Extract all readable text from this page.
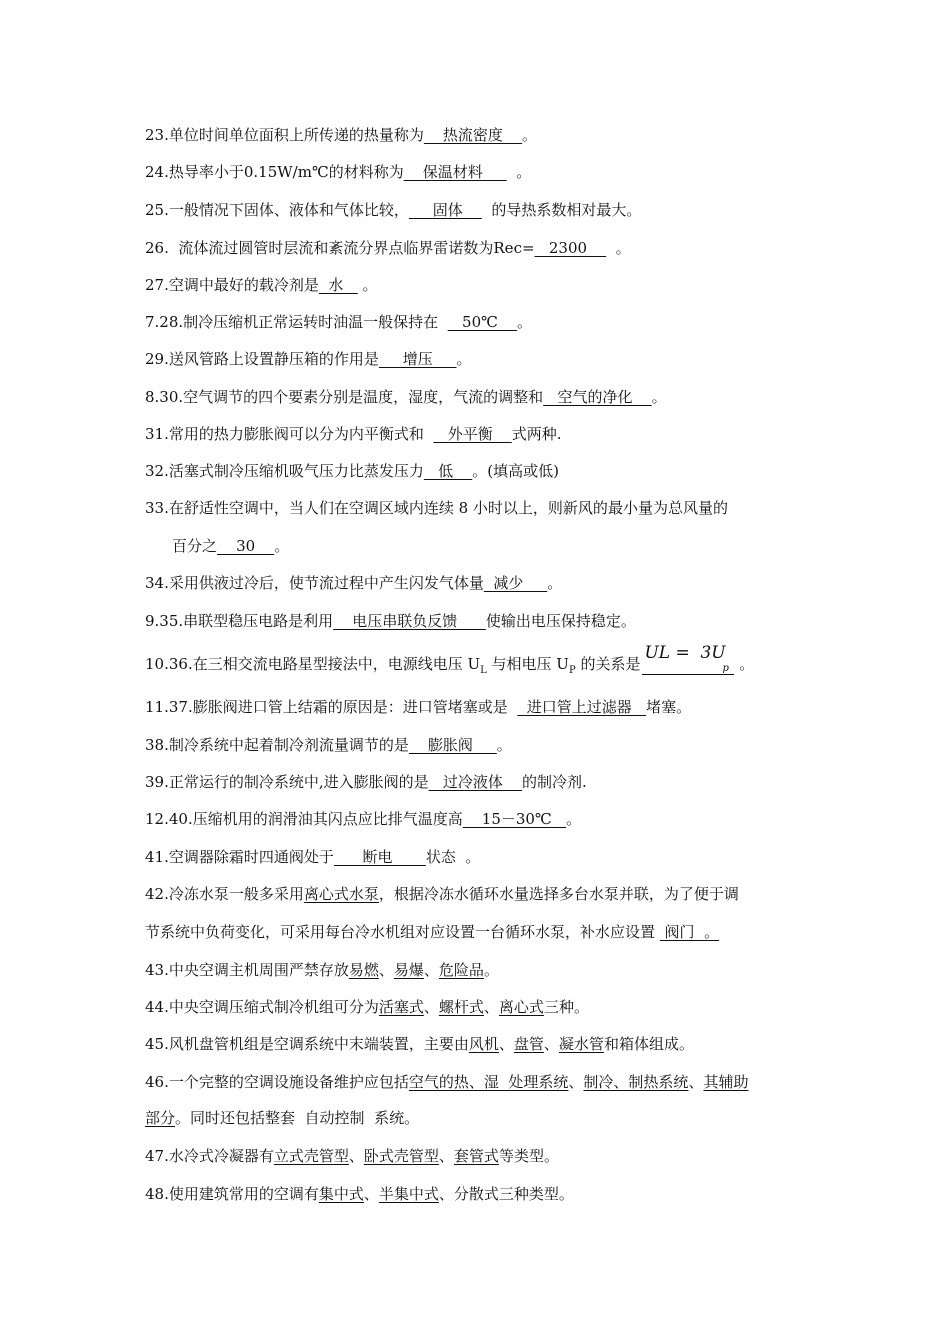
23.单位时间单位面积上所传递的热量称为    热流密度    。
24.热导率小于0.15W/m℃的材料称为    保温材料       。
25.一般情况下固体、液体和气体比较，     固体      的导热系数相对最大。
26.  流体流过圆管时层流和紊流分界点临界雷诺数为Rec=   2300      。
27.空调中最好的载冷剂是  水    。
7.28.制冷压缩机正常运转时油温一般保持在     50℃    。
29.送风管路上设置静压箱的作用是     增压     。
8.30.空气调节的四个要素分别是温度，湿度，气流的调整和   空气的净化    。
31.常用的热力膨胀阀可以分为内平衡式和     外平衡    式两种.
32.活塞式制冷压缩机吸气压力比蒸发压力   低    。(填高或低)
33.在舒适性空调中，当人们在空调区域内连续 8 小时以上，则新风的最小量为总风量的
百分之    30    。
34.采用供液过冷后，使节流过程中产生闪发气体量  减少     。
9.35.串联型稳压电路是利用    电压串联负反馈      使输出电压保持稳定。
10.36.在三相交流电路星型接法中，电源线电压 $U_L$ 与相电压 $U_P$ 的关系是
UL = 3U
p 。
11.37.膨胀阀进口管上结霜的原因是：进口管堵塞或是    进口管上过滤器   堵塞。
38.制冷系统中起着制冷剂流量调节的是    膨胀阀     。
39.正常运行的制冷系统中,进入膨胀阀的是   过冷液体    的制冷剂.
12.40.压缩机用的润滑油其闪点应比排气温度高    15－30℃   。
41.空调器除霜时四通阀处于      断电       状态  。
42.冷冻水泵一般多采用离心式水泵，根据冷冻水循环水量选择多台水泵并联，为了便于调
节系统中负荷变化，可采用每台冷水机组对应设置一台循环水泵，补水应设置  阀门  。
43.中央空调主机周围严禁存放易燃、易爆、危险品。
44.中央空调压缩式制冷机组可分为活塞式、螺杆式、离心式三种。
45.风机盘管机组是空调系统中末端装置，主要由风机、盘管、凝水管和箱体组成。
46.一个完整的空调设施设备维护应包括空气的热、湿  处理系统、制冷、制热系统、其辅助
部分。同时还包括整套  自动控制  系统。
47.水冷式冷凝器有立式壳管型、卧式壳管型、套管式等类型。
48.使用建筑常用的空调有集中式、半集中式、分散式三种类型。
